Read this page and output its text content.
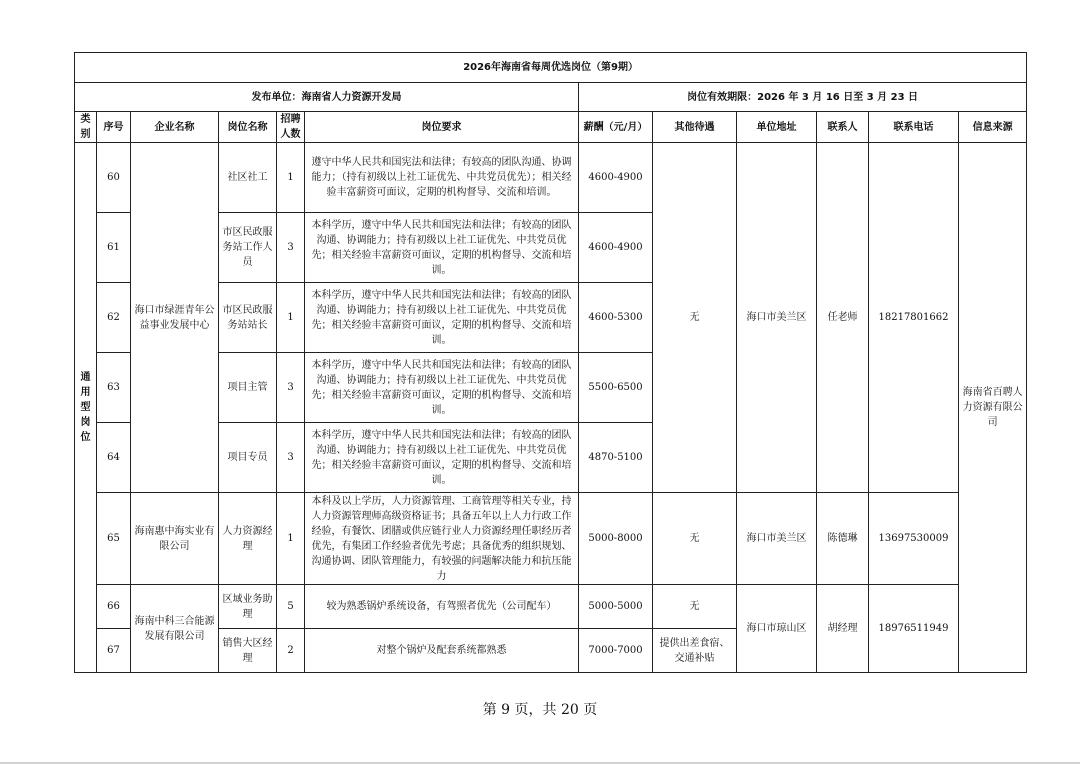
2026年海南省每周优选岗位（第9期）											
发布单位：海南省人力资源开发局						岗位有效期限：2026 年 3 月 16 日至 3 月 23 日					
类别	序号	企业名称	岗位名称	招聘人数	岗位要求	薪酬（元/月）	其他待遇	单位地址	联系人	联系电话	信息来源
通用型岗位	60	海口市绿涯青年公益事业发展中心	社区社工	1	遵守中华人民共和国宪法和法律；有较高的团队沟通、协调能力；（持有初级以上社工证优先、中共党员优先）；相关经验丰富薪资可面议，定期的机构督导、交流和培训。	4600-4900	无	海口市美兰区	任老师	18217801662	海南省百聘人力资源有限公司
	61		市区民政服务站工作人员	3	本科学历，遵守中华人民共和国宪法和法律；有较高的团队沟通、协调能力；持有初级以上社工证优先、中共党员优先；相关经验丰富薪资可面议，定期的机构督导、交流和培训。	4600-4900					
	62		市区民政服务站站长	1	本科学历，遵守中华人民共和国宪法和法律；有较高的团队沟通、协调能力；持有初级以上社工证优先、中共党员优先；相关经验丰富薪资可面议，定期的机构督导、交流和培训。	4600-5300					
	63		项目主管	3	本科学历，遵守中华人民共和国宪法和法律；有较高的团队沟通、协调能力；持有初级以上社工证优先、中共党员优先；相关经验丰富薪资可面议，定期的机构督导、交流和培训。	5500-6500					
	64		项目专员	3	本科学历，遵守中华人民共和国宪法和法律；有较高的团队沟通、协调能力；持有初级以上社工证优先、中共党员优先；相关经验丰富薪资可面议，定期的机构督导、交流和培训。	4870-5100					
	65	海南惠中海实业有限公司	人力资源经理	1	本科及以上学历，人力资源管理、工商管理等相关专业，持人力资源管理师高级资格证书；具备五年以上人力行政工作经验，有餐饮、团膳或供应链行业人力资源经理任职经历者优先，有集团工作经验者优先考虑；具备优秀的组织规划、沟通协调、团队管理能力，有较强的问题解决能力和抗压能力	5000-8000	无	海口市美兰区	陈德琳	13697530009	
	66	海南中科三合能源发展有限公司	区域业务助理	5	较为熟悉锅炉系统设备，有驾照者优先（公司配车）	5000-5000	无	海口市琼山区	胡经理	18976511949	
	67		销售大区经理	2	对整个锅炉及配套系统都熟悉	7000-7000	提供出差食宿、交通补贴				
第 9 页，共 20 页
